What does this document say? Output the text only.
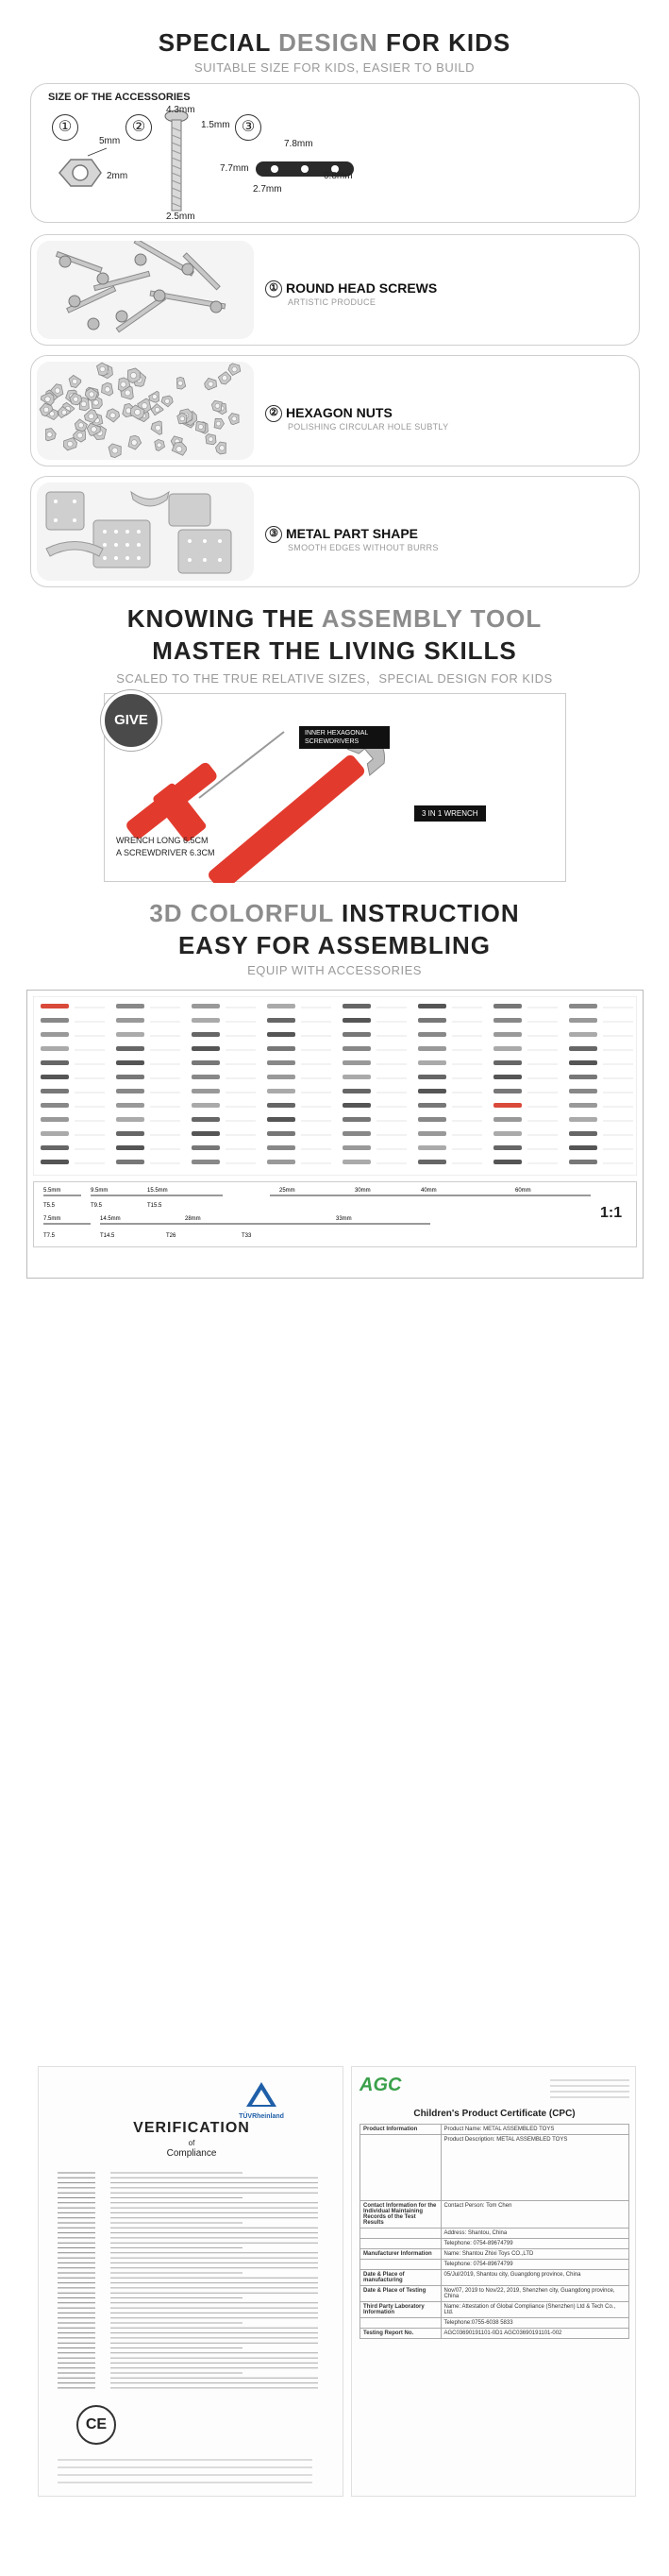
SPECIAL DESIGN FOR KIDS
SUITABLE SIZE FOR KIDS, EASIER TO BUILD
SIZE OF THE ACCESSORIES
①	②	③
5mm
2mm
4.3mm
1.5mm
2.5mm
7.8mm
7.7mm
0.8mm
2.7mm
① ROUND HEAD SCREWS
ARTISTIC PRODUCE
② HEXAGON NUTS
POLISHING CIRCULAR HOLE SUBTLY
③ METAL PART SHAPE
SMOOTH EDGES WITHOUT BURRS
KNOWING THE ASSEMBLY TOOL
MASTER THE LIVING SKILLS
SCALED TO THE TRUE RELATIVE SIZES，SPECIAL DESIGN FOR KIDS
GIVE
INNER HEXAGONAL SCREWDRIVERS
3 IN 1 WRENCH
WRENCH LONG 6.5CM
A SCREWDRIVER 6.3CM
3D COLORFUL INSTRUCTION
EASY FOR ASSEMBLING
EQUIP WITH ACCESSORIES
5.5mm	9.5mm	15.5mm
T5.5	T9.5	T15.5
7.5mm	14.5mm	28mm
T7.5	T14.5	T26	T33
25mm	30mm	40mm	60mm
33mm	1:1
TÜVRheinland
VERIFICATION
of
Compliance
CE
AGC
Children's Product Certificate (CPC)
Product Information	Product Name: METAL ASSEMBLED TOYS
	Product Description: METAL ASSEMBLED TOYS
Contact Information for the Individual Maintaining Records of the Test Results	Contact Person: Tom Chen
	Address: Shantou, China
	Telephone: 0754-89674799
Manufacturer Information	Name: Shantou Zhixi Toys CO.,LTD
	Telephone: 0754-89674799
Date & Place of manufacturing	05/Jul/2019, Shantou city, Guangdong province, China
Date & Place of Testing	Nov/07, 2019 to Nov/22, 2019, Shenzhen city, Guangdong province, China
Third Party Laboratory Information	Name: Attestation of Global Compliance (Shenzhen) Ltd & Tech Co., Ltd.
	Telephone:0755-6038 5833
Testing Report No.	AGC03690191101-0D1 AGC03690191101-002
